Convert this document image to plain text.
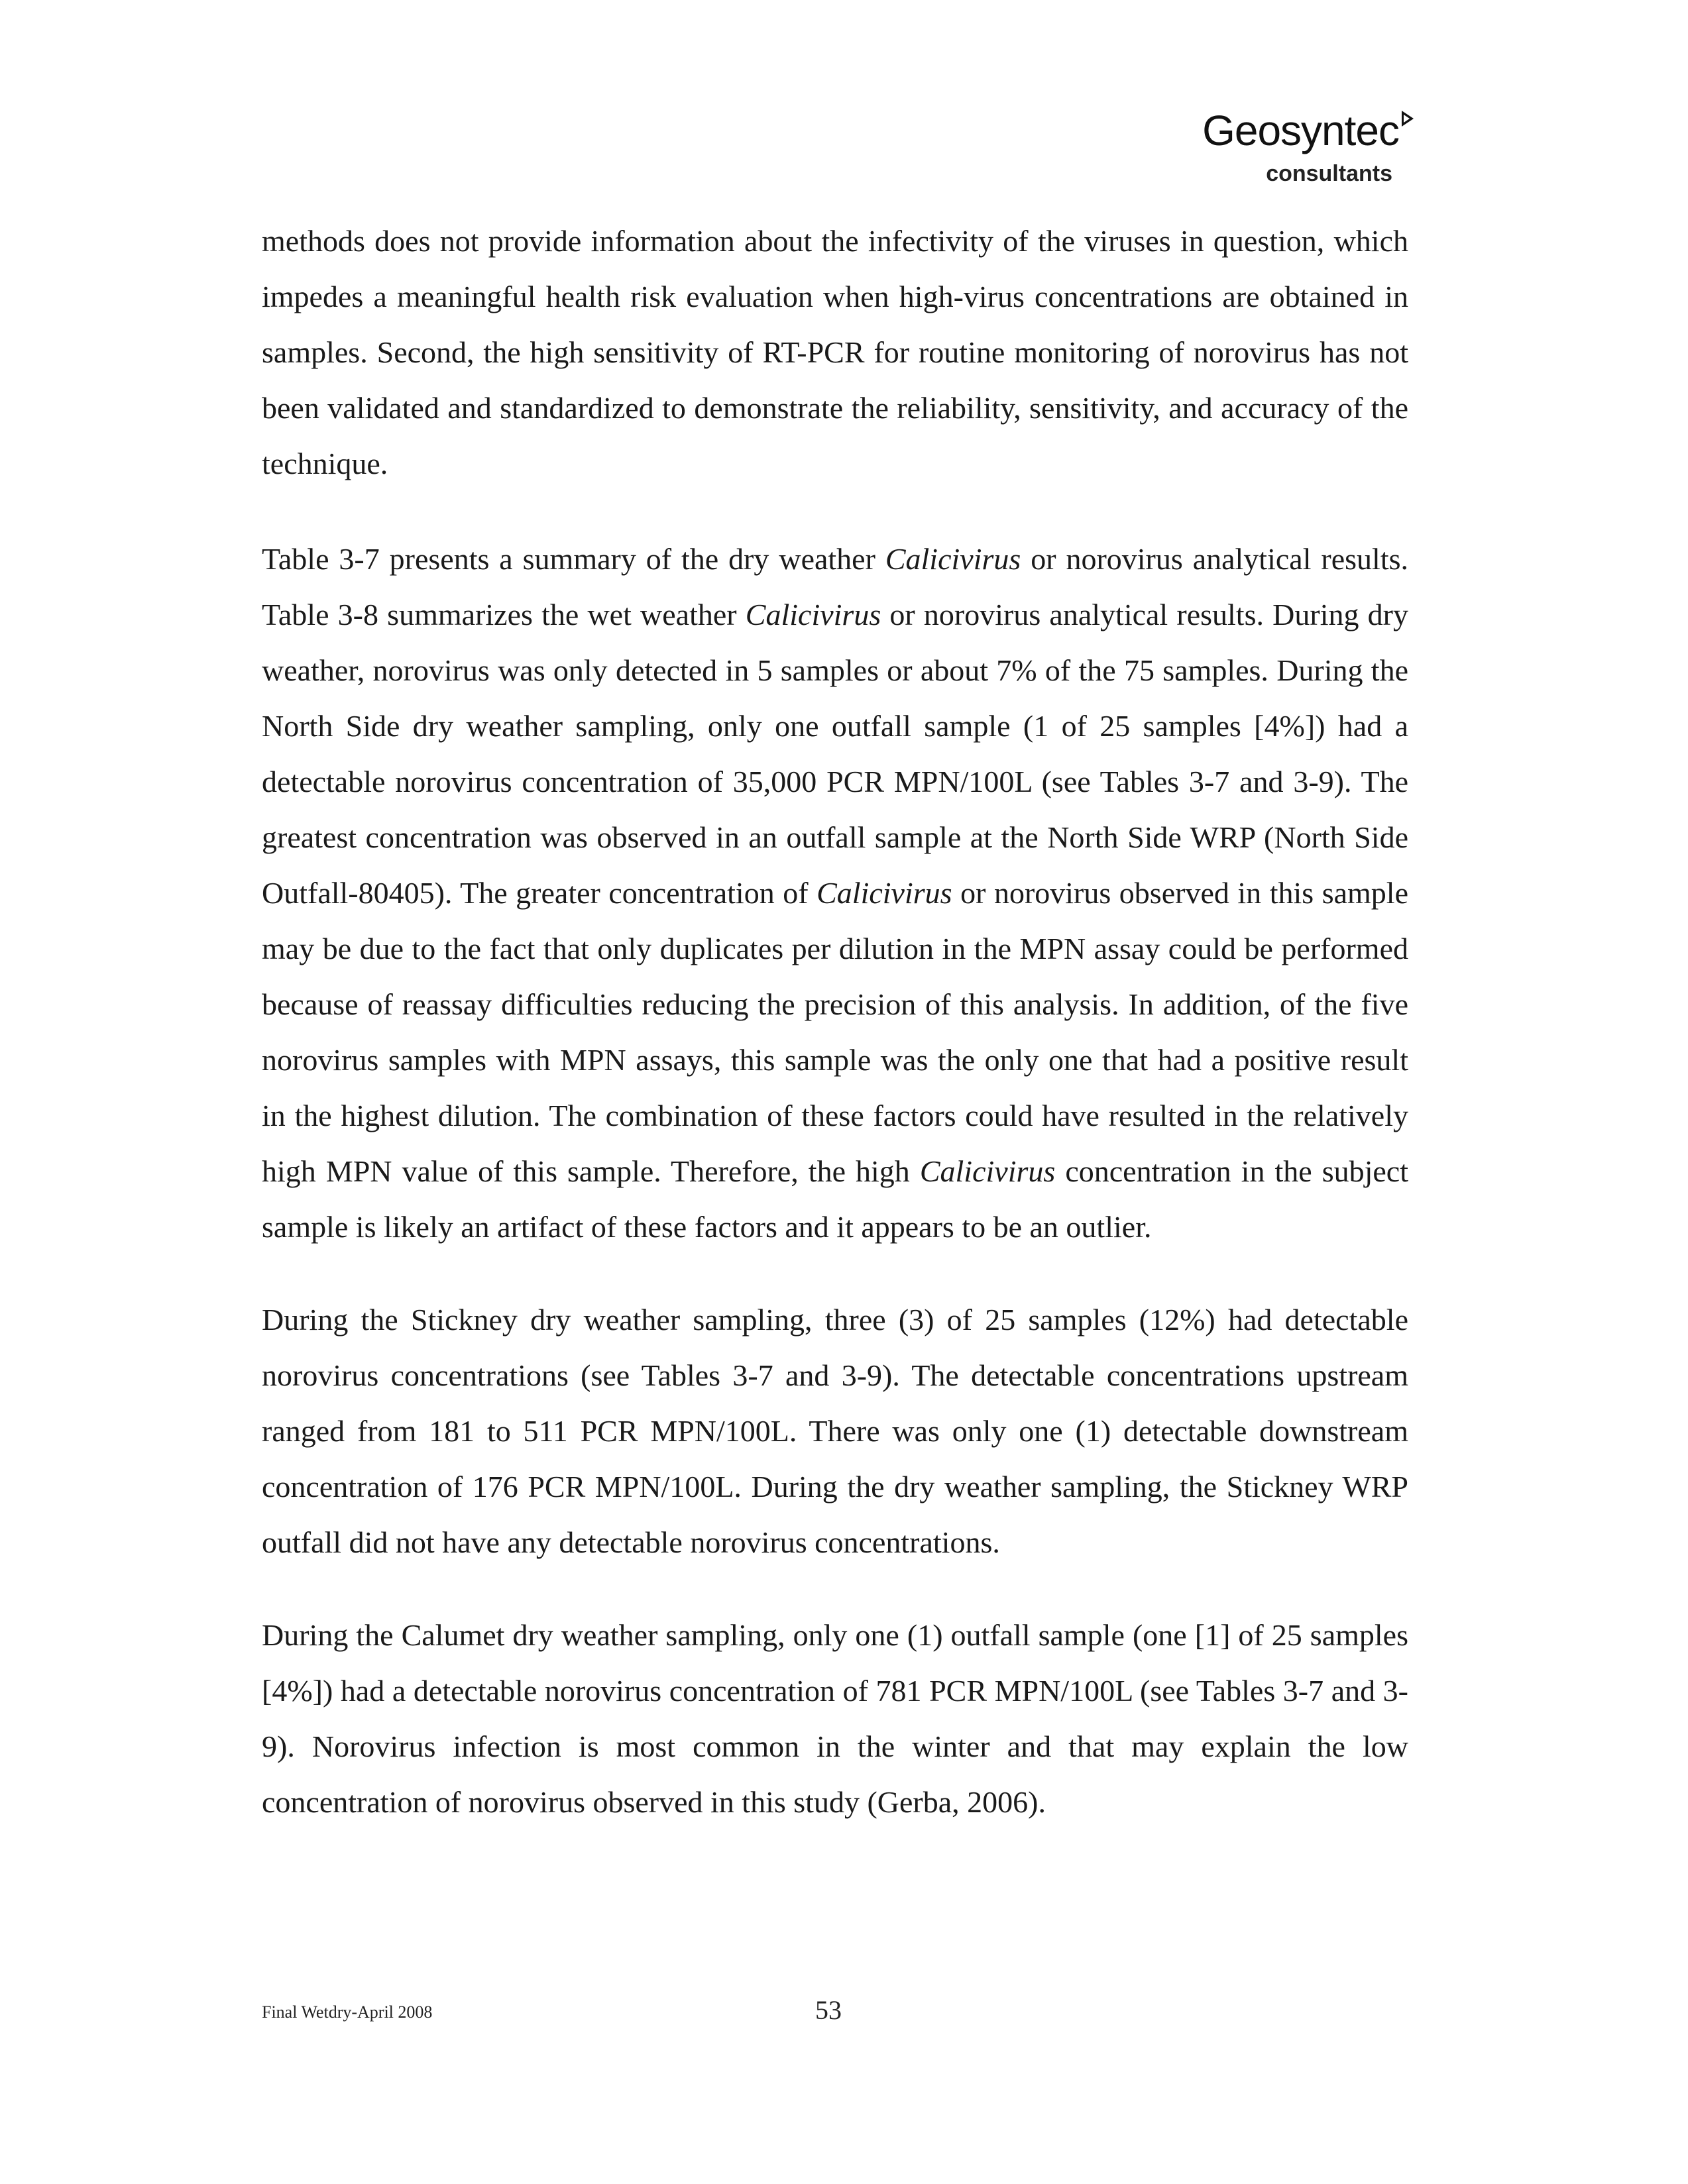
Geosyntec
consultants

methods does not provide information about the infectivity of the viruses in question, which impedes a meaningful health risk evaluation when high-virus concentrations are obtained in samples. Second, the high sensitivity of RT-PCR for routine monitoring of norovirus has not been validated and standardized to demonstrate the reliability, sensitivity, and accuracy of the technique.

Table 3-7 presents a summary of the dry weather Calicivirus or norovirus analytical results. Table 3-8 summarizes the wet weather Calicivirus or norovirus analytical results. During dry weather, norovirus was only detected in 5 samples or about 7% of the 75 samples. During the North Side dry weather sampling, only one outfall sample (1 of 25 samples [4%]) had a detectable norovirus concentration of 35,000 PCR MPN/100L (see Tables 3-7 and 3-9). The greatest concentration was observed in an outfall sample at the North Side WRP (North Side Outfall-80405). The greater concentration of Calicivirus or norovirus observed in this sample may be due to the fact that only duplicates per dilution in the MPN assay could be performed because of reassay difficulties reducing the precision of this analysis. In addition, of the five norovirus samples with MPN assays, this sample was the only one that had a positive result in the highest dilution. The combination of these factors could have resulted in the relatively high MPN value of this sample. Therefore, the high Calicivirus concentration in the subject sample is likely an artifact of these factors and it appears to be an outlier.

During the Stickney dry weather sampling, three (3) of 25 samples (12%) had detectable norovirus concentrations (see Tables 3-7 and 3-9). The detectable concentrations upstream ranged from 181 to 511 PCR MPN/100L. There was only one (1) detectable downstream concentration of 176 PCR MPN/100L. During the dry weather sampling, the Stickney WRP outfall did not have any detectable norovirus concentrations.

During the Calumet dry weather sampling, only one (1) outfall sample (one [1] of 25 samples [4%]) had a detectable norovirus concentration of 781 PCR MPN/100L (see Tables 3-7 and 3-9). Norovirus infection is most common in the winter and that may explain the low concentration of norovirus observed in this study (Gerba, 2006).

Final Wetdry-April 2008	53
